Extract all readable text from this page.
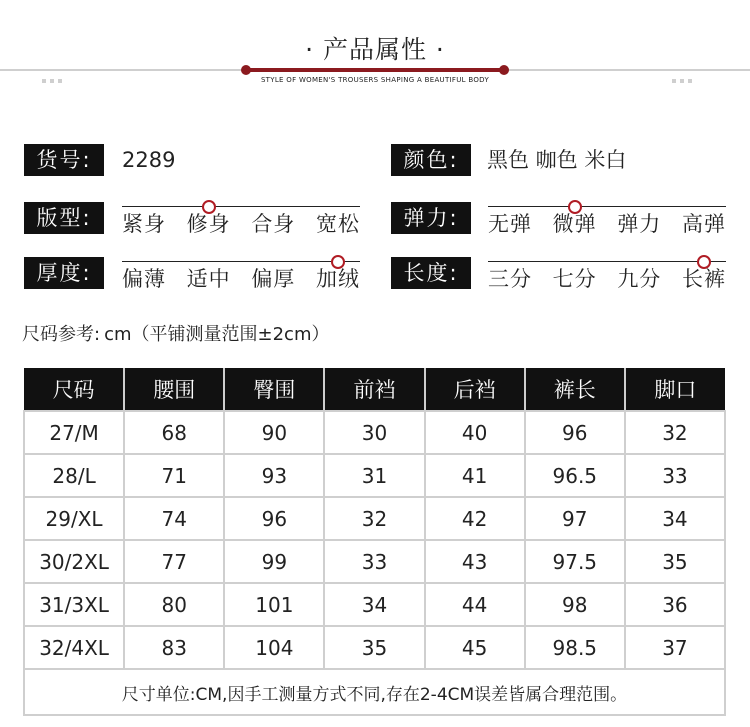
· 产品属性 ·
STYLE OF WOMEN'S TROUSERS SHAPING A BEAUTIFUL BODY
货号:	2289	颜色:	黑色 咖色 米白
版型:	紧身 修身 合身 宽松	弹力:	无弹 微弹 弹力 高弹
厚度:	偏薄 适中 偏厚 加绒	长度:	三分 七分 九分 长裤
尺码参考: cm（平铺测量范围±2cm）
尺码	腰围	臀围	前裆	后裆	裤长	脚口
27/M	68	90	30	40	96	32
28/L	71	93	31	41	96.5	33
29/XL	74	96	32	42	97	34
30/2XL	77	99	33	43	97.5	35
31/3XL	80	101	34	44	98	36
32/4XL	83	104	35	45	98.5	37
尺寸单位:CM,因手工测量方式不同,存在2-4CM误差皆属合理范围。						
